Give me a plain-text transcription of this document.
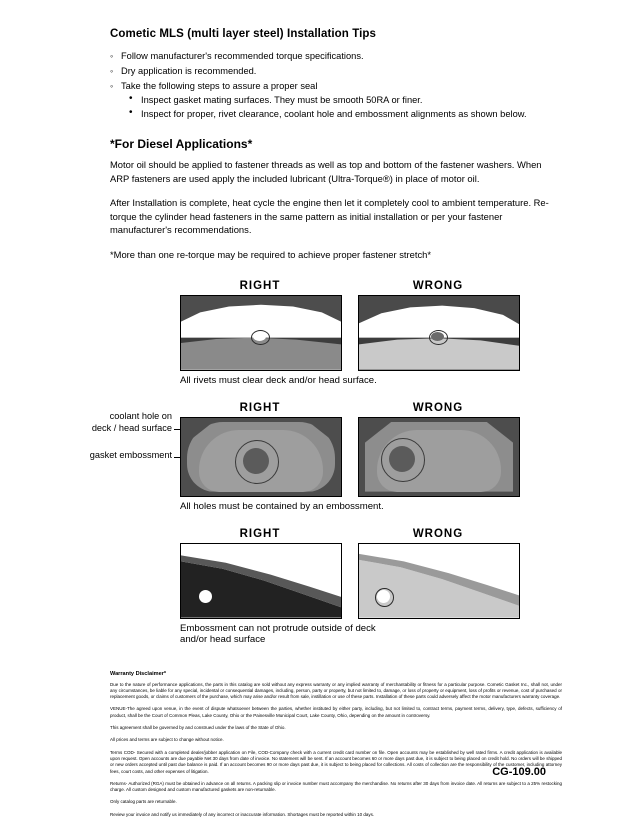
Cometic MLS (multi layer steel) Installation Tips
◦ Follow manufacturer's recommended torque specifications.
◦ Dry application is recommended.
◦ Take the following steps to assure a proper seal
• Inspect gasket mating surfaces. They must be smooth 50RA or finer.
• Inspect for proper, rivet clearance, coolant hole and embossment alignments as shown below.
*For Diesel Applications*

Motor oil should be applied to fastener threads as well as top and bottom of the fastener washers. When ARP fasteners are used apply the included lubricant (Ultra-Torque®) in place of motor oil.

After Installation is complete, heat cycle the engine then let it completely cool to ambient temperature. Re-torque the cylinder head fasteners in the same pattern as initial installation or per your fastener manufacturer's recommendations.

*More than one re-torque may be required to achieve proper fastener stretch*

RIGHT	WRONG
All rivets must clear deck and/or head surface.
coolant hole on
deck / head surface
gasket embossment
RIGHT	WRONG
All holes must be contained by an embossment.
RIGHT	WRONG
Embossment can not protrude outside of deck
and/or head surface
Warranty Disclaimer*

Due to the nature of performance applications, the parts in this catalog are sold without any express warranty or any implied warranty of merchantability or fitness for a particular purpose. Cometic Gasket Inc., shall not, under any circumstances, be liable for any special, incidental or consequential damages, including, person, party or property, but not limited to, damage, or loss of property or equipment, loss of profits or revenue, cost of purchased or replacement goods, or claims of customers of the purchase, which may arise and/or result from sale, instillation or use of these parts. Installation of these parts could adversely affect the motor manufacturers warranty coverage.

VENUE-The agreed upon venue, in the event of dispute whatsoever between the parties, whether instituted by either party, including, but not limited to, contract terms, payment terms, delivery, type, defects, sufficiency of product, shall be the Court of Common Pleas, Lake County, Ohio or the Painesville Municipal Court, Lake County, Ohio, depending on the amount in controversy.

This agreement shall be governed by and construed under the laws of the State of Ohio.

All prices and terms are subject to change without notice.

Terms COD- Secured with a completed dealer/jobber application on File, COD-Company check with a current credit card number on file. Open accounts may be established by well rated firms. A credit application is available upon request. Open accounts are due payable Net 30 days from date of invoice. No statement will be sent. If an account becomes 60 or more days past due, it is subject to being placed on credit hold. No orders will be shipped or new orders accepted until past due balance is paid. If an account becomes 90 or more days past due, it is subject to being placed for collections. All costs of collection are the responsibility of the customer, including attorney fees, court costs, and other expenses of litigation.

Returns- Authorized (RGA) must be obtained in advance on all returns. A packing slip or invoice number must accompany the merchandise. No returns after 30 days from invoice date. All returns are subject to a 25% restocking charge. All custom designed and custom manufactured gaskets are non-returnable.

Only catalog parts are returnable.

Review your invoice and notify us immediately of any incorrect or inaccurate information. Shortages must be reported within 10 days.

CG-109.00
